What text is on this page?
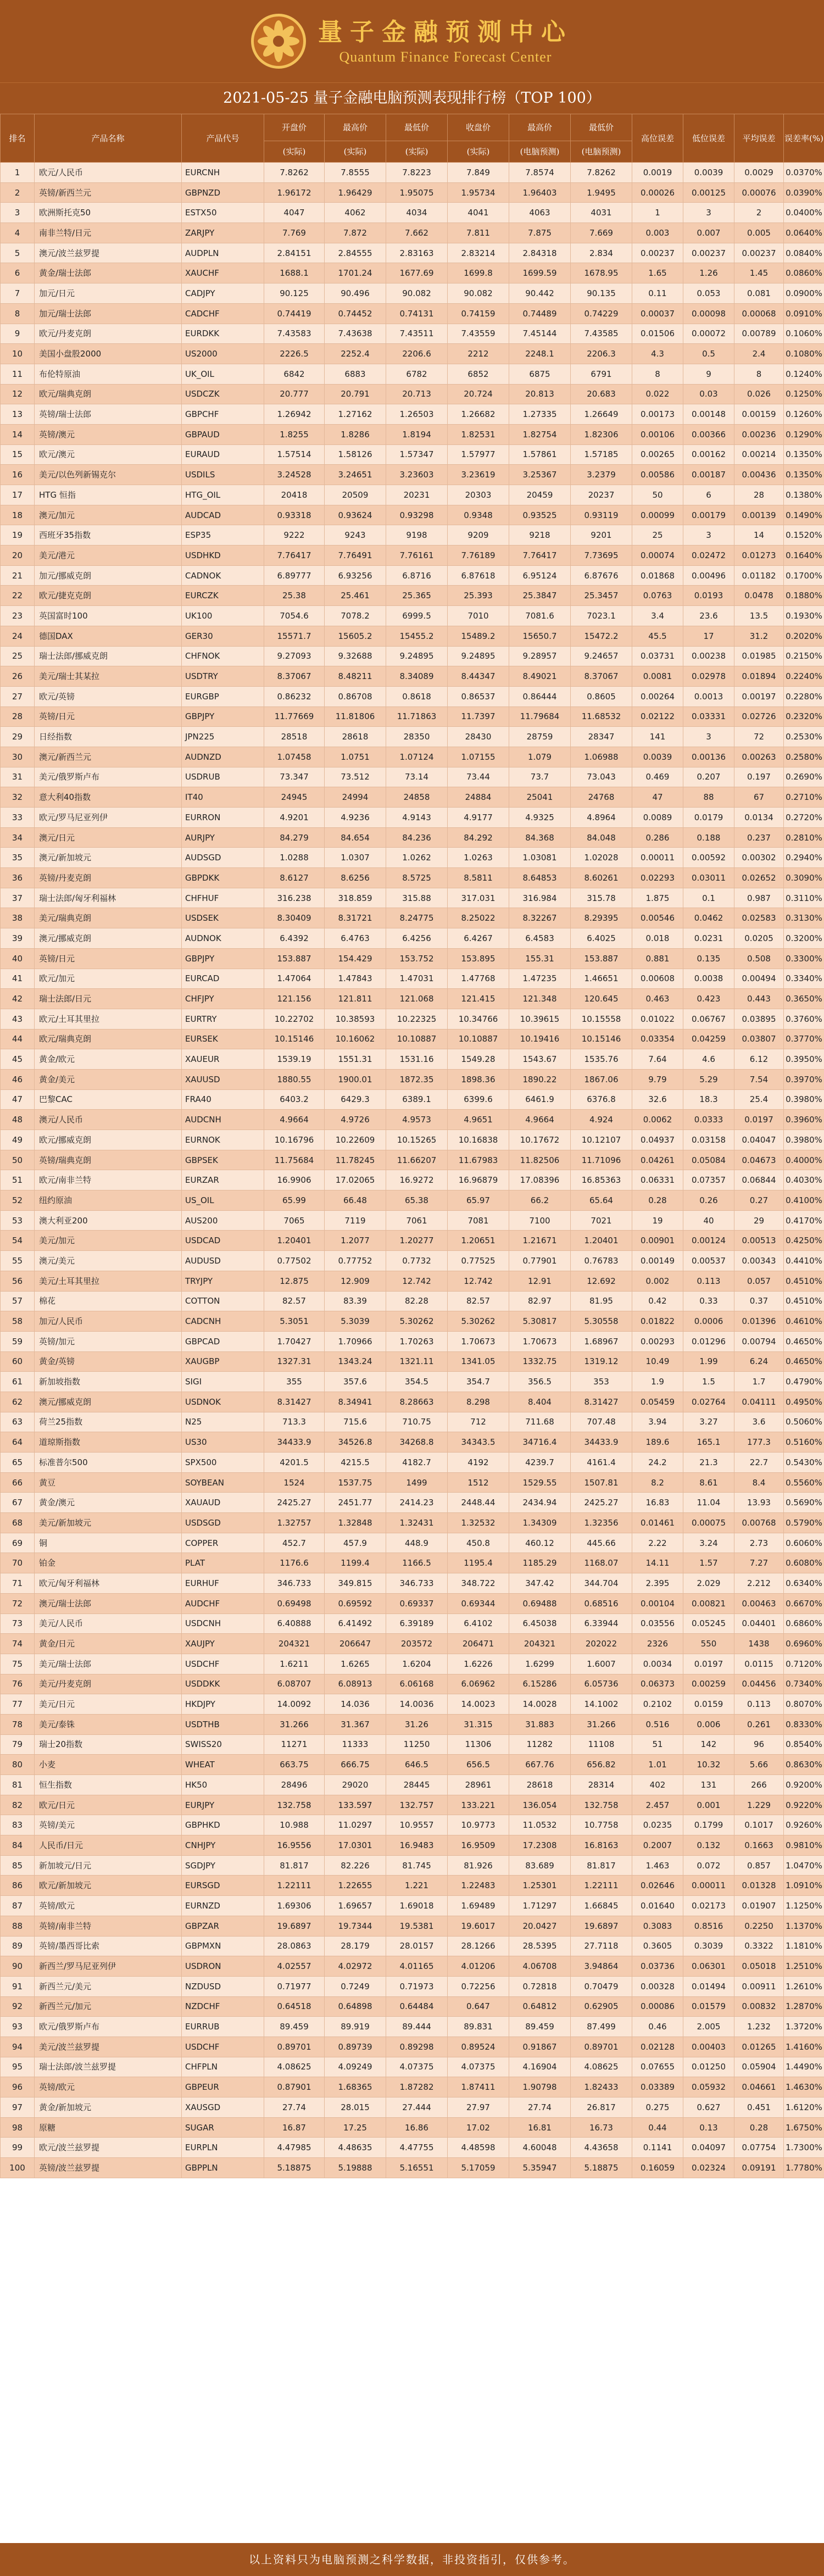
量子金融预测中心
Quantum Finance Forecast Center
2021-05-25 量子金融电脑预测表现排行榜（TOP 100）
排名	产品名称	产品代号	开盘价	最高价	最低价	收盘价	最高价	最低价	高位误差	低位误差	平均误差	误差率(%)
			(实际)	(实际)	(实际)	(实际)	(电脑预测)	(电脑预测)				
1	欧元/人民币	EURCNH	7.8262	7.8555	7.8223	7.849	7.8574	7.8262	0.0019	0.0039	0.0029	0.0370%
2	英镑/新西兰元	GBPNZD	1.96172	1.96429	1.95075	1.95734	1.96403	1.9495	0.00026	0.00125	0.00076	0.0390%
3	欧洲斯托克50	ESTX50	4047	4062	4034	4041	4063	4031	1	3	2	0.0400%
4	南非兰特/日元	ZARJPY	7.769	7.872	7.662	7.811	7.875	7.669	0.003	0.007	0.005	0.0640%
5	澳元/波兰兹罗提	AUDPLN	2.84151	2.84555	2.83163	2.83214	2.84318	2.834	0.00237	0.00237	0.00237	0.0840%
6	黄金/瑞士法郎	XAUCHF	1688.1	1701.24	1677.69	1699.8	1699.59	1678.95	1.65	1.26	1.45	0.0860%
7	加元/日元	CADJPY	90.125	90.496	90.082	90.082	90.442	90.135	0.11	0.053	0.081	0.0900%
8	加元/瑞士法郎	CADCHF	0.74419	0.74452	0.74131	0.74159	0.74489	0.74229	0.00037	0.00098	0.00068	0.0910%
9	欧元/丹麦克朗	EURDKK	7.43583	7.43638	7.43511	7.43559	7.45144	7.43585	0.01506	0.00072	0.00789	0.1060%
10	美国小盘股2000	US2000	2226.5	2252.4	2206.6	2212	2248.1	2206.3	4.3	0.5	2.4	0.1080%
11	布伦特原油	UK_OIL	6842	6883	6782	6852	6875	6791	8	9	8	0.1240%
12	欧元/瑞典克朗	USDCZK	20.777	20.791	20.713	20.724	20.813	20.683	0.022	0.03	0.026	0.1250%
13	英镑/瑞士法郎	GBPCHF	1.26942	1.27162	1.26503	1.26682	1.27335	1.26649	0.00173	0.00148	0.00159	0.1260%
14	英镑/澳元	GBPAUD	1.8255	1.8286	1.8194	1.82531	1.82754	1.82306	0.00106	0.00366	0.00236	0.1290%
15	欧元/澳元	EURAUD	1.57514	1.58126	1.57347	1.57977	1.57861	1.57185	0.00265	0.00162	0.00214	0.1350%
16	美元/以色列新锡克尔	USDILS	3.24528	3.24651	3.23603	3.23619	3.25367	3.2379	0.00586	0.00187	0.00436	0.1350%
17	HTG 恒指	HTG_OIL	20418	20509	20231	20303	20459	20237	50	6	28	0.1380%
18	澳元/加元	AUDCAD	0.93318	0.93624	0.93298	0.9348	0.93525	0.93119	0.00099	0.00179	0.00139	0.1490%
19	西班牙35指数	ESP35	9222	9243	9198	9209	9218	9201	25	3	14	0.1520%
20	美元/港元	USDHKD	7.76417	7.76491	7.76161	7.76189	7.76417	7.73695	0.00074	0.02472	0.01273	0.1640%
21	加元/挪威克朗	CADNOK	6.89777	6.93256	6.8716	6.87618	6.95124	6.87676	0.01868	0.00496	0.01182	0.1700%
22	欧元/捷克克朗	EURCZK	25.38	25.461	25.365	25.393	25.3847	25.3457	0.0763	0.0193	0.0478	0.1880%
23	英国富时100	UK100	7054.6	7078.2	6999.5	7010	7081.6	7023.1	3.4	23.6	13.5	0.1930%
24	德国DAX	GER30	15571.7	15605.2	15455.2	15489.2	15650.7	15472.2	45.5	17	31.2	0.2020%
25	瑞士法郎/挪威克朗	CHFNOK	9.27093	9.32688	9.24895	9.24895	9.28957	9.24657	0.03731	0.00238	0.01985	0.2150%
26	美元/瑞士其某拉	USDTRY	8.37067	8.48211	8.34089	8.44347	8.49021	8.37067	0.0081	0.02978	0.01894	0.2240%
27	欧元/英镑	EURGBP	0.86232	0.86708	0.8618	0.86537	0.86444	0.8605	0.00264	0.0013	0.00197	0.2280%
28	英镑/日元	GBPJPY	11.77669	11.81806	11.71863	11.7397	11.79684	11.68532	0.02122	0.03331	0.02726	0.2320%
29	日经指数	JPN225	28518	28618	28350	28430	28759	28347	141	3	72	0.2530%
30	澳元/新西兰元	AUDNZD	1.07458	1.0751	1.07124	1.07155	1.079	1.06988	0.0039	0.00136	0.00263	0.2580%
31	美元/俄罗斯卢布	USDRUB	73.347	73.512	73.14	73.44	73.7	73.043	0.469	0.207	0.197	0.2690%
32	意大利40指数	IT40	24945	24994	24858	24884	25041	24768	47	88	67	0.2710%
33	欧元/罗马尼亚列伊	EURRON	4.9201	4.9236	4.9143	4.9177	4.9325	4.8964	0.0089	0.0179	0.0134	0.2720%
34	澳元/日元	AURJPY	84.279	84.654	84.236	84.292	84.368	84.048	0.286	0.188	0.237	0.2810%
35	澳元/新加坡元	AUDSGD	1.0288	1.0307	1.0262	1.0263	1.03081	1.02028	0.00011	0.00592	0.00302	0.2940%
36	英镑/丹麦克朗	GBPDKK	8.6127	8.6256	8.5725	8.5811	8.64853	8.60261	0.02293	0.03011	0.02652	0.3090%
37	瑞士法郎/匈牙利福林	CHFHUF	316.238	318.859	315.88	317.031	316.984	315.78	1.875	0.1	0.987	0.3110%
38	美元/瑞典克朗	USDSEK	8.30409	8.31721	8.24775	8.25022	8.32267	8.29395	0.00546	0.0462	0.02583	0.3130%
39	澳元/挪威克朗	AUDNOK	6.4392	6.4763	6.4256	6.4267	6.4583	6.4025	0.018	0.0231	0.0205	0.3200%
40	英镑/日元	GBPJPY	153.887	154.429	153.752	153.895	155.31	153.887	0.881	0.135	0.508	0.3300%
41	欧元/加元	EURCAD	1.47064	1.47843	1.47031	1.47768	1.47235	1.46651	0.00608	0.0038	0.00494	0.3340%
42	瑞士法郎/日元	CHFJPY	121.156	121.811	121.068	121.415	121.348	120.645	0.463	0.423	0.443	0.3650%
43	欧元/土耳其里拉	EURTRY	10.22702	10.38593	10.22325	10.34766	10.39615	10.15558	0.01022	0.06767	0.03895	0.3760%
44	欧元/瑞典克朗	EURSEK	10.15146	10.16062	10.10887	10.10887	10.19416	10.15146	0.03354	0.04259	0.03807	0.3770%
45	黄金/欧元	XAUEUR	1539.19	1551.31	1531.16	1549.28	1543.67	1535.76	7.64	4.6	6.12	0.3950%
46	黄金/美元	XAUUSD	1880.55	1900.01	1872.35	1898.36	1890.22	1867.06	9.79	5.29	7.54	0.3970%
47	巴黎CAC	FRA40	6403.2	6429.3	6389.1	6399.6	6461.9	6376.8	32.6	18.3	25.4	0.3980%
48	澳元/人民币	AUDCNH	4.9664	4.9726	4.9573	4.9651	4.9664	4.924	0.0062	0.0333	0.0197	0.3960%
49	欧元/挪威克朗	EURNOK	10.16796	10.22609	10.15265	10.16838	10.17672	10.12107	0.04937	0.03158	0.04047	0.3980%
50	英镑/瑞典克朗	GBPSEK	11.75684	11.78245	11.66207	11.67983	11.82506	11.71096	0.04261	0.05084	0.04673	0.4000%
51	欧元/南非兰特	EURZAR	16.9906	17.02065	16.9272	16.96879	17.08396	16.85363	0.06331	0.07357	0.06844	0.4030%
52	纽约原油	US_OIL	65.99	66.48	65.38	65.97	66.2	65.64	0.28	0.26	0.27	0.4100%
53	澳大利亚200	AUS200	7065	7119	7061	7081	7100	7021	19	40	29	0.4170%
54	美元/加元	USDCAD	1.20401	1.2077	1.20277	1.20651	1.21671	1.20401	0.00901	0.00124	0.00513	0.4250%
55	澳元/美元	AUDUSD	0.77502	0.77752	0.7732	0.77525	0.77901	0.76783	0.00149	0.00537	0.00343	0.4410%
56	美元/土耳其里拉	TRYJPY	12.875	12.909	12.742	12.742	12.91	12.692	0.002	0.113	0.057	0.4510%
57	棉花	COTTON	82.57	83.39	82.28	82.57	82.97	81.95	0.42	0.33	0.37	0.4510%
58	加元/人民币	CADCNH	5.3051	5.3039	5.30262	5.30262	5.30817	5.30558	0.01822	0.0006	0.01396	0.4610%
59	英镑/加元	GBPCAD	1.70427	1.70966	1.70263	1.70673	1.70673	1.68967	0.00293	0.01296	0.00794	0.4650%
60	黄金/英镑	XAUGBP	1327.31	1343.24	1321.11	1341.05	1332.75	1319.12	10.49	1.99	6.24	0.4650%
61	新加坡指数	SIGI	355	357.6	354.5	354.7	356.5	353	1.9	1.5	1.7	0.4790%
62	澳元/挪威克朗	USDNOK	8.31427	8.34941	8.28663	8.298	8.404	8.31427	0.05459	0.02764	0.04111	0.4950%
63	荷兰25指数	N25	713.3	715.6	710.75	712	711.68	707.48	3.94	3.27	3.6	0.5060%
64	道琼斯指数	US30	34433.9	34526.8	34268.8	34343.5	34716.4	34433.9	189.6	165.1	177.3	0.5160%
65	标准普尔500	SPX500	4201.5	4215.5	4182.7	4192	4239.7	4161.4	24.2	21.3	22.7	0.5430%
66	黄豆	SOYBEAN	1524	1537.75	1499	1512	1529.55	1507.81	8.2	8.61	8.4	0.5560%
67	黄金/澳元	XAUAUD	2425.27	2451.77	2414.23	2448.44	2434.94	2425.27	16.83	11.04	13.93	0.5690%
68	美元/新加坡元	USDSGD	1.32757	1.32848	1.32431	1.32532	1.34309	1.32356	0.01461	0.00075	0.00768	0.5790%
69	铜	COPPER	452.7	457.9	448.9	450.8	460.12	445.66	2.22	3.24	2.73	0.6060%
70	铂金	PLAT	1176.6	1199.4	1166.5	1195.4	1185.29	1168.07	14.11	1.57	7.27	0.6080%
71	欧元/匈牙利福林	EURHUF	346.733	349.815	346.733	348.722	347.42	344.704	2.395	2.029	2.212	0.6340%
72	澳元/瑞士法郎	AUDCHF	0.69498	0.69592	0.69337	0.69344	0.69488	0.68516	0.00104	0.00821	0.00463	0.6670%
73	美元/人民币	USDCNH	6.40888	6.41492	6.39189	6.4102	6.45038	6.33944	0.03556	0.05245	0.04401	0.6860%
74	黄金/日元	XAUJPY	204321	206647	203572	206471	204321	202022	2326	550	1438	0.6960%
75	美元/瑞士法郎	USDCHF	1.6211	1.6265	1.6204	1.6226	1.6299	1.6007	0.0034	0.0197	0.0115	0.7120%
76	美元/丹麦克朗	USDDKK	6.08707	6.08913	6.06168	6.06962	6.15286	6.05736	0.06373	0.00259	0.04456	0.7340%
77	美元/日元	HKDJPY	14.0092	14.036	14.0036	14.0023	14.0028	14.1002	0.2102	0.0159	0.113	0.8070%
78	美元/泰铢	USDTHB	31.266	31.367	31.26	31.315	31.883	31.266	0.516	0.006	0.261	0.8330%
79	瑞士20指数	SWISS20	11271	11333	11250	11306	11282	11108	51	142	96	0.8540%
80	小麦	WHEAT	663.75	666.75	646.5	656.5	667.76	656.82	1.01	10.32	5.66	0.8630%
81	恒生指数	HK50	28496	29020	28445	28961	28618	28314	402	131	266	0.9200%
82	欧元/日元	EURJPY	132.758	133.597	132.757	133.221	136.054	132.758	2.457	0.001	1.229	0.9220%
83	英镑/美元	GBPHKD	10.988	11.0297	10.9557	10.9773	11.0532	10.7758	0.0235	0.1799	0.1017	0.9260%
84	人民币/日元	CNHJPY	16.9556	17.0301	16.9483	16.9509	17.2308	16.8163	0.2007	0.132	0.1663	0.9810%
85	新加坡元/日元	SGDJPY	81.817	82.226	81.745	81.926	83.689	81.817	1.463	0.072	0.857	1.0470%
86	欧元/新加坡元	EURSGD	1.22111	1.22655	1.221	1.22483	1.25301	1.22111	0.02646	0.00011	0.01328	1.0910%
87	英镑/欧元	EURNZD	1.69306	1.69657	1.69018	1.69489	1.71297	1.66845	0.01640	0.02173	0.01907	1.1250%
88	英镑/南非兰特	GBPZAR	19.6897	19.7344	19.5381	19.6017	20.0427	19.6897	0.3083	0.8516	0.2250	1.1370%
89	英镑/墨西哥比索	GBPMXN	28.0863	28.179	28.0157	28.1266	28.5395	27.7118	0.3605	0.3039	0.3322	1.1810%
90	新西兰/罗马尼亚列伊	USDRON	4.02557	4.02972	4.01165	4.01206	4.06708	3.94864	0.03736	0.06301	0.05018	1.2510%
91	新西兰元/美元	NZDUSD	0.71977	0.7249	0.71973	0.72256	0.72818	0.70479	0.00328	0.01494	0.00911	1.2610%
92	新西兰元/加元	NZDCHF	0.64518	0.64898	0.64484	0.647	0.64812	0.62905	0.00086	0.01579	0.00832	1.2870%
93	欧元/俄罗斯卢布	EURRUB	89.459	89.919	89.444	89.831	89.459	87.499	0.46	2.005	1.232	1.3720%
94	美元/波兰兹罗提	USDCHF	0.89701	0.89739	0.89298	0.89524	0.91867	0.89701	0.02128	0.00403	0.01265	1.4160%
95	瑞士法郎/波兰兹罗提	CHFPLN	4.08625	4.09249	4.07375	4.07375	4.16904	4.08625	0.07655	0.01250	0.05904	1.4490%
96	英镑/欧元	GBPEUR	0.87901	1.68365	1.87282	1.87411	1.90798	1.82433	0.03389	0.05932	0.04661	1.4630%
97	黄金/新加坡元	XAUSGD	27.74	28.015	27.444	27.97	27.74	26.817	0.275	0.627	0.451	1.6120%
98	原糖	SUGAR	16.87	17.25	16.86	17.02	16.81	16.73	0.44	0.13	0.28	1.6750%
99	欧元/波兰兹罗提	EURPLN	4.47985	4.48635	4.47755	4.48598	4.60048	4.43658	0.1141	0.04097	0.07754	1.7300%
100	英镑/波兰兹罗提	GBPPLN	5.18875	5.19888	5.16551	5.17059	5.35947	5.18875	0.16059	0.02324	0.09191	1.7780%
以上资料只为电脑预测之科学数据，非投资指引，仅供参考。
